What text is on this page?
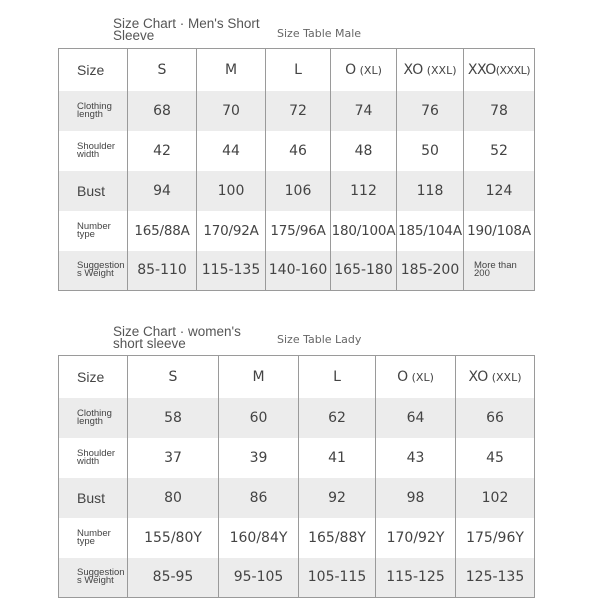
Size Chart · Men's Short
Sleeve	Size Table Male
Size	S	M	L	O (XL)	XO (XXL)	XXO(XXXL)
Clothing length	68	70	72	74	76	78
Shoulder width	42	44	46	48	50	52
Bust	94	100	106	112	118	124
Number type	165/88A	170/92A	175/96A	180/100A	185/104A	190/108A
Suggestions Weight	85-110	115-135	140-160	165-180	185-200	More than 200
Size Chart · women's
short sleeve	Size Table Lady
Size	S	M	L	O (XL)	XO (XXL)
Clothing length	58	60	62	64	66
Shoulder width	37	39	41	43	45
Bust	80	86	92	98	102
Number type	155/80Y	160/84Y	165/88Y	170/92Y	175/96Y
Suggestions Weight	85-95	95-105	105-115	115-125	125-135
